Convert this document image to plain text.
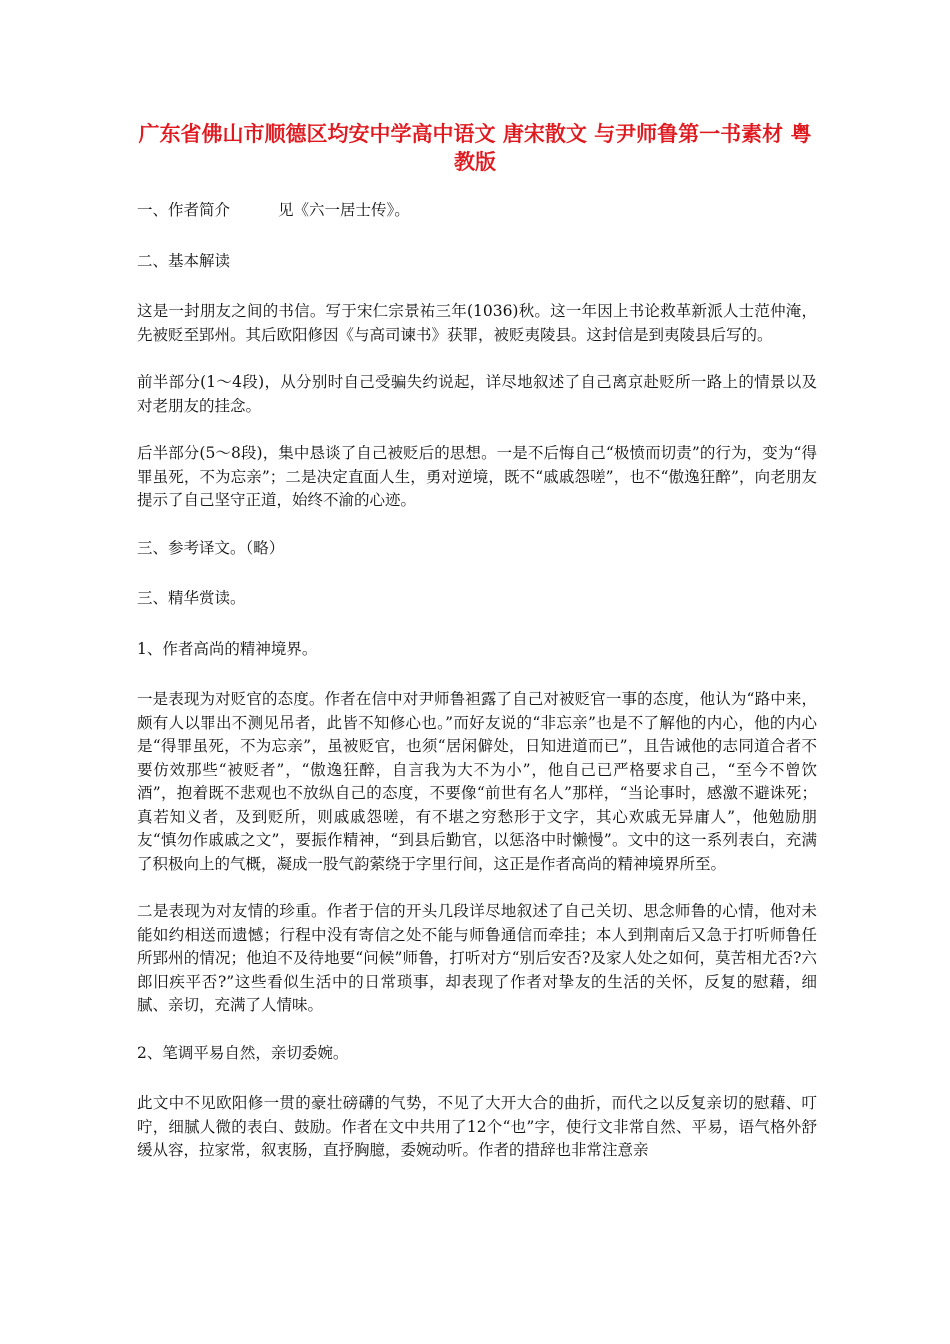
广东省佛山市顺德区均安中学高中语文 唐宋散文 与尹师鲁第一书素材 粤教版

一、作者简介	见《六一居士传》。

二、基本解读

这是一封朋友之间的书信。写于宋仁宗景祐三年(1036)秋。这一年因上书论救革新派人士范仲淹，先被贬至郢州。其后欧阳修因《与高司谏书》获罪，被贬夷陵县。这封信是到夷陵县后写的。

前半部分(1～4段)，从分别时自己受骗失约说起，详尽地叙述了自己离京赴贬所一路上的情景以及对老朋友的挂念。

后半部分(5～8段)，集中恳谈了自己被贬后的思想。一是不后悔自己“极愤而切责”的行为，变为“得罪虽死，不为忘亲”；二是决定直面人生，勇对逆境，既不“戚戚怨嗟”，也不“傲逸狂醉”，向老朋友提示了自己坚守正道，始终不渝的心迹。

三、参考译文。（略）

三、精华赏读。

1、作者高尚的精神境界。

一是表现为对贬官的态度。作者在信中对尹师鲁袒露了自己对被贬官一事的态度，他认为“路中来，颇有人以罪出不测见吊者，此皆不知修心也。”而好友说的“非忘亲”也是不了解他的内心，他的内心是“得罪虽死，不为忘亲”，虽被贬官，也须“居闲僻处，日知进道而已”，且告诫他的志同道合者不要仿效那些“被贬者”，“傲逸狂醉，自言我为大不为小”，他自己已严格要求自己，“至今不曾饮酒”，抱着既不悲观也不放纵自己的态度，不要像“前世有名人”那样，“当论事时，感激不避诛死；真若知义者，及到贬所，则戚戚怨嗟，有不堪之穷愁形于文字，其心欢戚无异庸人”，他勉励朋友“慎勿作戚戚之文”，要振作精神，“到县后勤官，以惩洛中时懒慢”。文中的这一系列表白，充满了积极向上的气概，凝成一股气韵萦绕于字里行间，这正是作者高尚的精神境界所至。

二是表现为对友情的珍重。作者于信的开头几段详尽地叙述了自己关切、思念师鲁的心情，他对未能如约相送而遗憾；行程中没有寄信之处不能与师鲁通信而牵挂；本人到荆南后又急于打听师鲁任所郢州的情况；他迫不及待地要“问候”师鲁，打听对方“别后安否?及家人处之如何，莫苦相尤否?六郎旧疾平否?”这些看似生活中的日常琐事，却表现了作者对挚友的生活的关怀，反复的慰藉，细腻、亲切，充满了人情味。

2、笔调平易自然，亲切委婉。

此文中不见欧阳修一贯的豪壮磅礴的气势，不见了大开大合的曲折，而代之以反复亲切的慰藉、叮咛，细腻人微的表白、鼓励。作者在文中共用了12个“也”字，使行文非常自然、平易，语气格外舒缓从容，拉家常，叙衷肠，直抒胸臆，委婉动听。作者的措辞也非常注意亲
